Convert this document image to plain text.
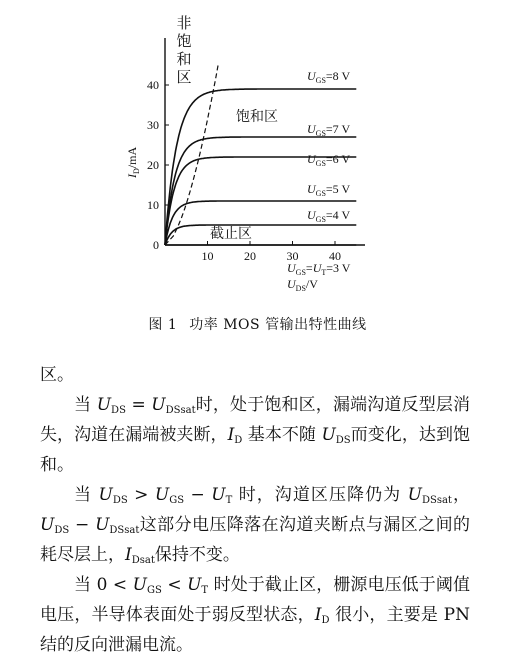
10	20	30	40
0
10
20
30
40
$U_{DS}/V$
$I_D/mA$
$U_{GS}=8$ V
$U_{GS}=7$ V
$U_{GS}=6$ V
$U_{GS}=5$ V
$U_{GS}=4$ V
$U_{GS}=U_T=3$ V
非
饱
和
区
饱和区
截止区
图 1 功率 MOS 管输出特性曲线

区。

当 $U_{DS} = U_{DSsat}$时，处于饱和区，漏端沟道反型层消失，沟道在漏端被夹断，$I_D$ 基本不随 $U_{DS}$而变化，达到饱和。

当 $U_{DS} > U_{GS} - U_T$ 时，沟道区压降仍为 $U_{DSsat}$，$U_{DS} - U_{DSsat}$这部分电压降落在沟道夹断点与漏区之间的耗尽层上，$I_{Dsat}$保持不变。

当 $0 < U_{GS} < U_T$ 时处于截止区，栅源电压低于阈值电压，半导体表面处于弱反型状态，$I_D$ 很小，主要是 PN 结的反向泄漏电流。
